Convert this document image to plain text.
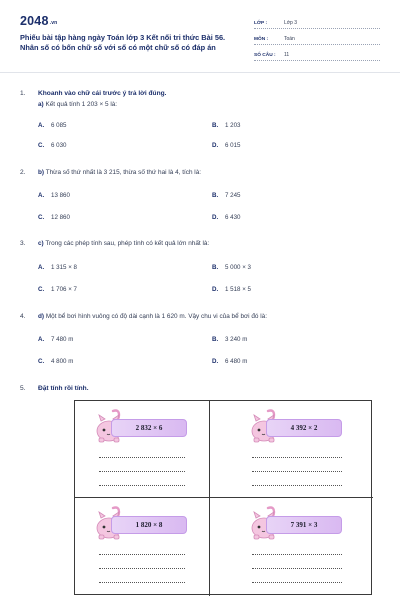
2048.vn
Phiếu bài tập hàng ngày Toán lớp 3 Kết nối tri thức Bài 56.
Nhân số có bốn chữ số với số có một chữ số có đáp án
LỚP :	Lớp 3
MÔN :	Toán
SỐ CÂU :	11
1. Khoanh vào chữ cái trước ý trả lời đúng.
a) Kết quả tính 1 203 × 5 là:
A. 6 085	B. 1 203
C. 6 030	D. 6 015
2. b) Thừa số thứ nhất là 3 215, thừa số thứ hai là 4, tích là:
A. 13 860	B. 7 245
C. 12 860	D. 6 430
3. c) Trong các phép tính sau, phép tính có kết quả lớn nhất là:
A. 1 315 × 8	B. 5 000 × 3
C. 1 706 × 7	D. 1 518 × 5
4. d) Một bể bơi hình vuông có độ dài cạnh là 1 620 m. Vậy chu vi của bể bơi đó là:
A. 7 480 m	B. 3 240 m
C. 4 800 m	D. 6 480 m
5. Đặt tính rồi tính.
2 832 × 6	4 392 × 2
1 820 × 8	7 391 × 3
